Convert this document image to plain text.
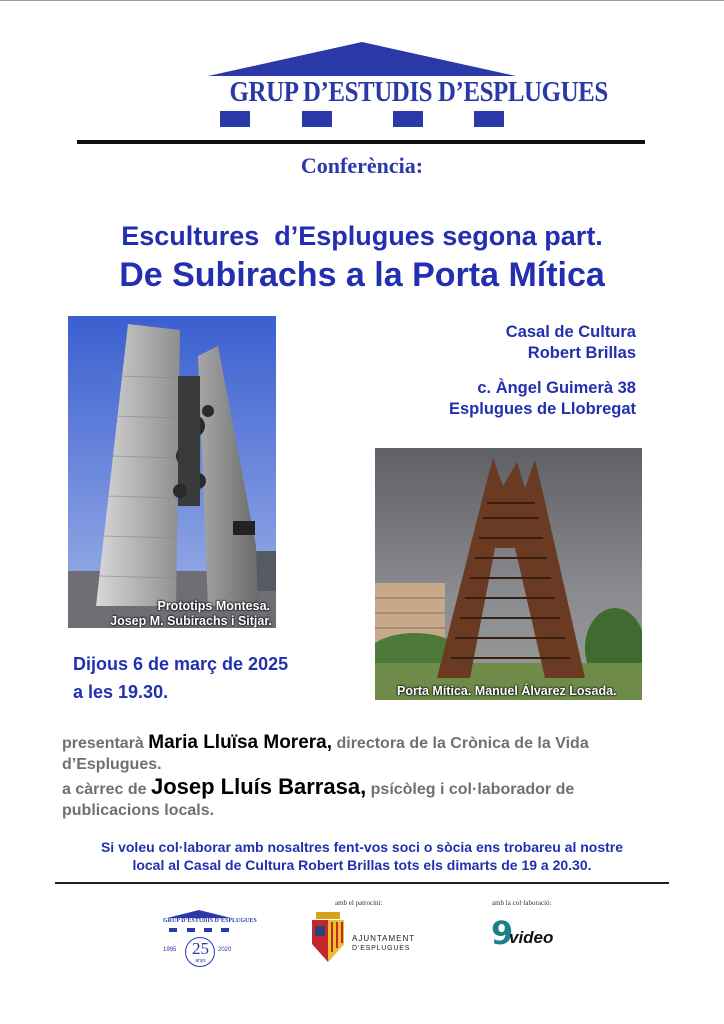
GRUP D’ESTUDIS D’ESPLUGUES
Conferència:
Escultures  d’Esplugues segona part.
De Subirachs a la Porta Mítica
Prototips Montesa.
Josep M. Subirachs i Sitjar.
Casal de Cultura
Robert Brillas
c. Àngel Guimerà 38
Esplugues de Llobregat
Porta Mítica. Manuel Álvarez Losada.
Dijous 6 de març de 2025
a les 19.30.
presentarà Maria Lluïsa Morera, directora de la Crònica de la Vida
d’Esplugues.
a càrrec de Josep Lluís Barrasa, psícòleg i col·laborador de
publicacions locals.
Si voleu col·laborar amb nosaltres fent-vos soci o sòcia ens trobareu al nostre
local al Casal de Cultura Robert Brillas tots els dimarts de 19 a 20.30.
GRUP D’ESTUDIS D’ESPLUGUES
25
anys
1995	2020
amb el patrocini:
AJUNTAMENT
D’ESPLUGUES
amb la col·laboració:
9
video
